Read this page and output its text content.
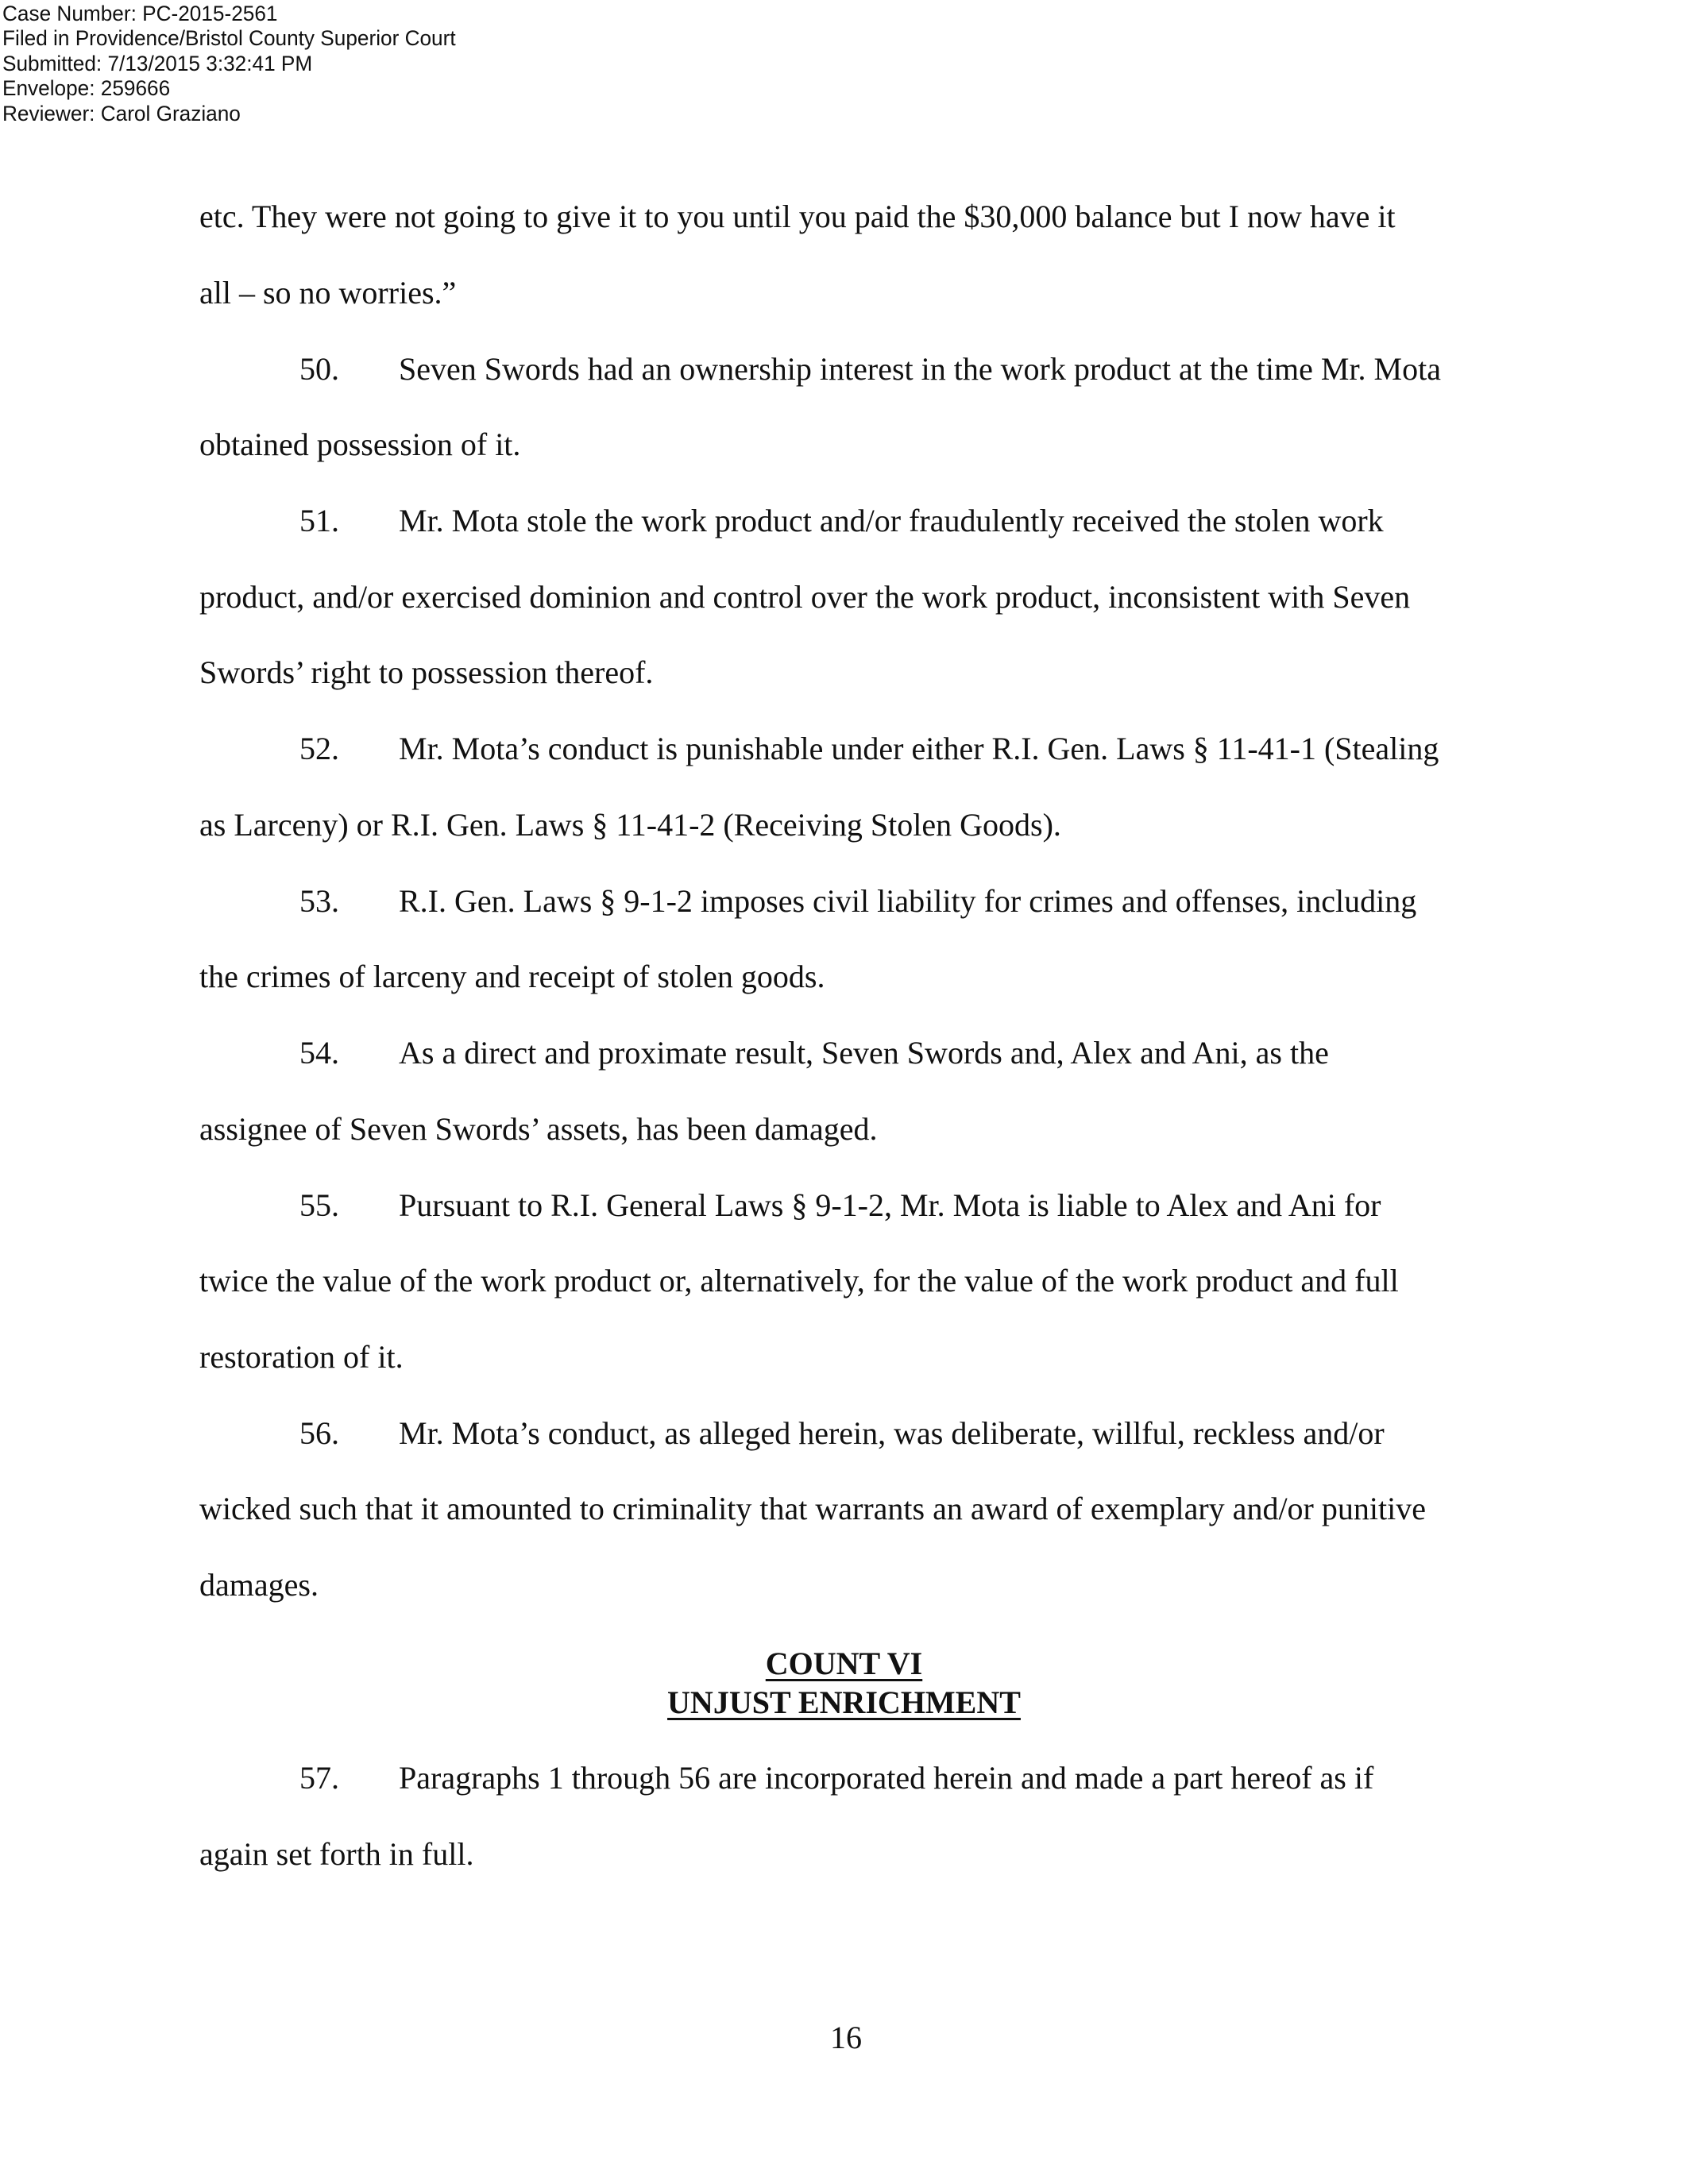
Case Number: PC-2015-2561
Filed in Providence/Bristol County Superior Court
Submitted: 7/13/2015 3:32:41 PM
Envelope: 259666
Reviewer: Carol Graziano
etc. They were not going to give it to you until you paid the $30,000 balance but I now have it
all – so no worries.”
50. Seven Swords had an ownership interest in the work product at the time Mr. Mota
obtained possession of it.
51. Mr. Mota stole the work product and/or fraudulently received the stolen work
product, and/or exercised dominion and control over the work product, inconsistent with Seven
Swords’ right to possession thereof.
52. Mr. Mota’s conduct is punishable under either R.I. Gen. Laws § 11-41-1 (Stealing
as Larceny) or R.I. Gen. Laws § 11-41-2 (Receiving Stolen Goods).
53. R.I. Gen. Laws § 9-1-2 imposes civil liability for crimes and offenses, including
the crimes of larceny and receipt of stolen goods.
54. As a direct and proximate result, Seven Swords and, Alex and Ani, as the
assignee of Seven Swords’ assets, has been damaged.
55. Pursuant to R.I. General Laws § 9-1-2, Mr. Mota is liable to Alex and Ani for
twice the value of the work product or, alternatively, for the value of the work product and full
restoration of it.
56. Mr. Mota’s conduct, as alleged herein, was deliberate, willful, reckless and/or
wicked such that it amounted to criminality that warrants an award of exemplary and/or punitive
damages.
COUNT VI
UNJUST ENRICHMENT
57. Paragraphs 1 through 56 are incorporated herein and made a part hereof as if
again set forth in full.
16
